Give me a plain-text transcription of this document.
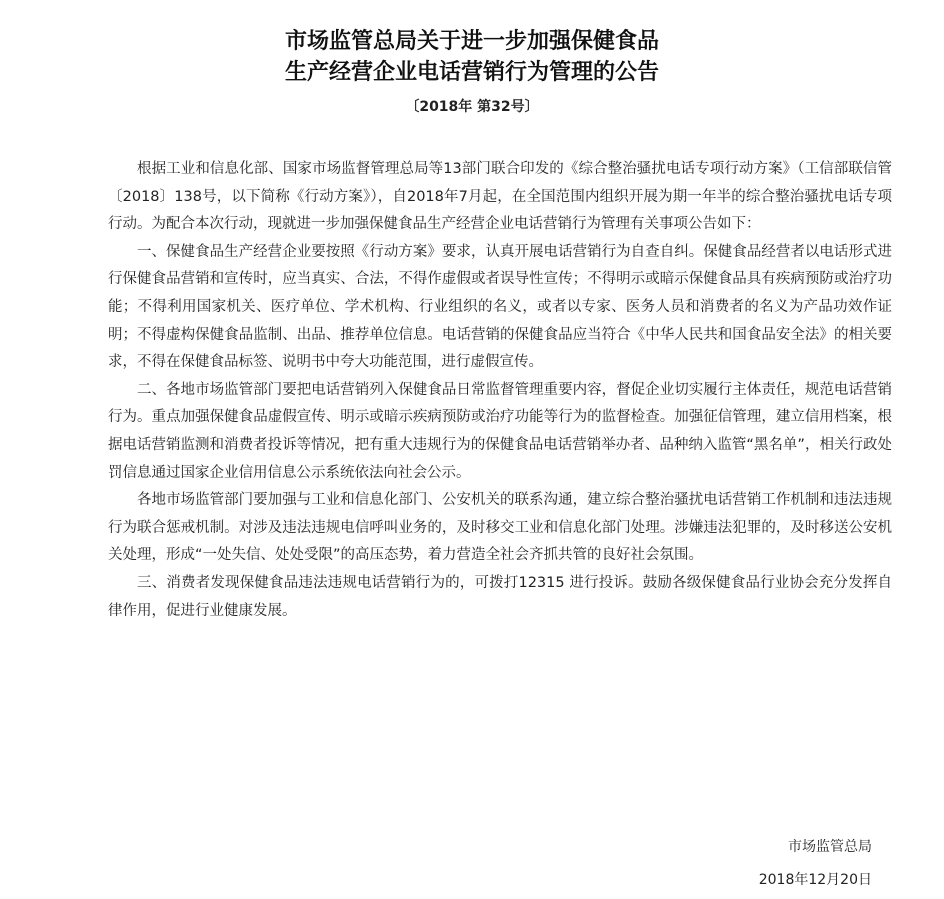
市场监管总局关于进一步加强保健食品
生产经营企业电话营销行为管理的公告
〔2018年 第32号〕

根据工业和信息化部、国家市场监督管理总局等13部门联合印发的《综合整治骚扰电话专项行动方案》（工信部联信管〔2018〕138号，以下简称《行动方案》），自2018年7月起，在全国范围内组织开展为期一年半的综合整治骚扰电话专项行动。为配合本次行动，现就进一步加强保健食品生产经营企业电话营销行为管理有关事项公告如下：

一、保健食品生产经营企业要按照《行动方案》要求，认真开展电话营销行为自查自纠。保健食品经营者以电话形式进行保健食品营销和宣传时，应当真实、合法，不得作虚假或者误导性宣传；不得明示或暗示保健食品具有疾病预防或治疗功能；不得利用国家机关、医疗单位、学术机构、行业组织的名义，或者以专家、医务人员和消费者的名义为产品功效作证明；不得虚构保健食品监制、出品、推荐单位信息。电话营销的保健食品应当符合《中华人民共和国食品安全法》的相关要求，不得在保健食品标签、说明书中夸大功能范围，进行虚假宣传。

二、各地市场监管部门要把电话营销列入保健食品日常监督管理重要内容，督促企业切实履行主体责任，规范电话营销行为。重点加强保健食品虚假宣传、明示或暗示疾病预防或治疗功能等行为的监督检查。加强征信管理，建立信用档案，根据电话营销监测和消费者投诉等情况，把有重大违规行为的保健食品电话营销举办者、品种纳入监管“黑名单”，相关行政处罚信息通过国家企业信用信息公示系统依法向社会公示。

各地市场监管部门要加强与工业和信息化部门、公安机关的联系沟通，建立综合整治骚扰电话营销工作机制和违法违规行为联合惩戒机制。对涉及违法违规电信呼叫业务的，及时移交工业和信息化部门处理。涉嫌违法犯罪的，及时移送公安机关处理，形成“一处失信、处处受限”的高压态势，着力营造全社会齐抓共管的良好社会氛围。

三、消费者发现保健食品违法违规电话营销行为的，可拨打12315 进行投诉。鼓励各级保健食品行业协会充分发挥自律作用，促进行业健康发展。

市场监管总局
2018年12月20日
